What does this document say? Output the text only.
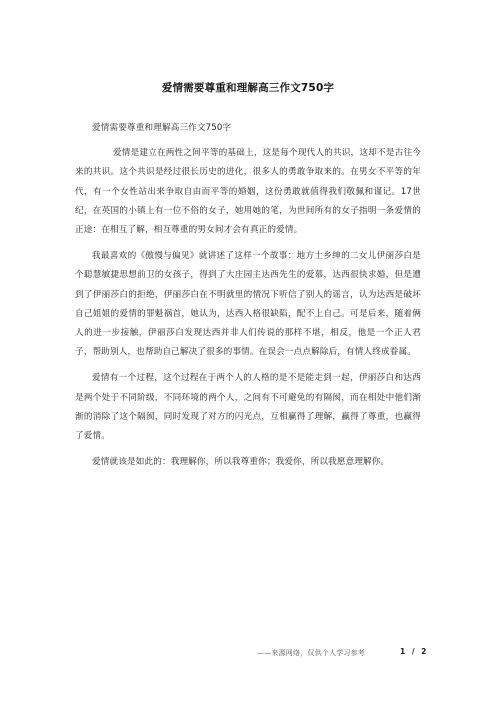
爱情需要尊重和理解高三作文750字

爱情需要尊重和理解高三作文750字

爱情是建立在两性之间平等的基础上，这是每个现代人的共识，这却不是古往今来的共识。这个共识是经过很长历史的进化，很多人的勇敢争取来的。在男女不平等的年代，有一个女性站出来争取自由而平等的婚姻，这份勇敢就值得我们敬佩和谨记。17世纪，在英国的小镇上有一位不俗的女子，她用她的笔，为世间所有的女子指明一条爱情的正途：在相互了解，相互尊重的男女间才会有真正的爱情。

我最喜欢的《傲慢与偏见》就讲述了这样一个故事：地方土乡绅的二女儿伊丽莎白是个聪慧敏捷思想前卫的女孩子，得到了大庄园主达西先生的爱慕，达西很快求婚，但是遭到了伊丽莎白的拒绝，伊丽莎白在不明就里的情况下听信了别人的谣言，认为达西是破坏自己姐姐的爱情的罪魁祸首，她认为，达西人格很缺陷，配不上自己。可是后来，随着俩人的进一步接触，伊丽莎白发现达西并非人们传说的那样不堪，相反，他是一个正人君子，帮助别人，也帮助自己解决了很多的事情。在误会一点点解除后，有情人终成眷属。

爱情有一个过程，这个过程在于两个人的人格的是不是能走到一起，伊丽莎白和达西是两个处于不同阶级，不同环境的两个人，之间有不可避免的有隔阂，而在相处中他们渐渐的消除了这个隔阂，同时发现了对方的闪光点，互相赢得了理解，赢得了尊重，也赢得了爱情。

爱情就该是如此的：我理解你，所以我尊重你；我爱你，所以我愿意理解你。

——来源网络，仅供个人学习参考	1 / 2
